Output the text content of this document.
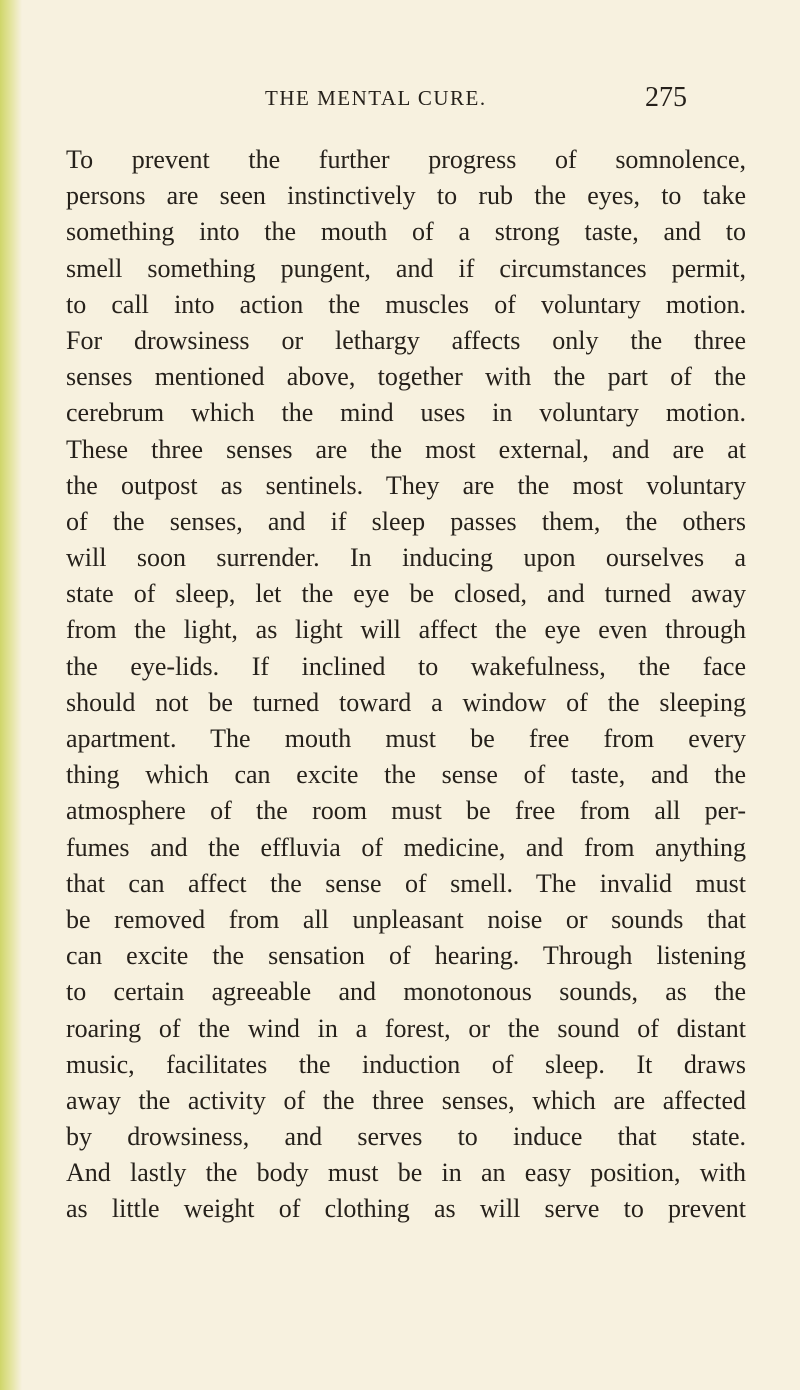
THE MENTAL CURE.	275
To prevent the further progress of somnolence,
persons are seen instinctively to rub the eyes, to take
something into the mouth of a strong taste, and to
smell something pungent, and if circumstances permit,
to call into action the muscles of voluntary motion.
For drowsiness or lethargy affects only the three
senses mentioned above, together with the part of the
cerebrum which the mind uses in voluntary motion.
These three senses are the most external, and are at
the outpost as sentinels. They are the most voluntary
of the senses, and if sleep passes them, the others
will soon surrender. In inducing upon ourselves a
state of sleep, let the eye be closed, and turned away
from the light, as light will affect the eye even through
the eye-lids. If inclined to wakefulness, the face
should not be turned toward a window of the sleeping
apartment. The mouth must be free from every
thing which can excite the sense of taste, and the
atmosphere of the room must be free from all per-
fumes and the effluvia of medicine, and from anything
that can affect the sense of smell. The invalid must
be removed from all unpleasant noise or sounds that
can excite the sensation of hearing. Through listening
to certain agreeable and monotonous sounds, as the
roaring of the wind in a forest, or the sound of distant
music, facilitates the induction of sleep. It draws
away the activity of the three senses, which are affected
by drowsiness, and serves to induce that state.
And lastly the body must be in an easy position, with
as little weight of clothing as will serve to prevent
